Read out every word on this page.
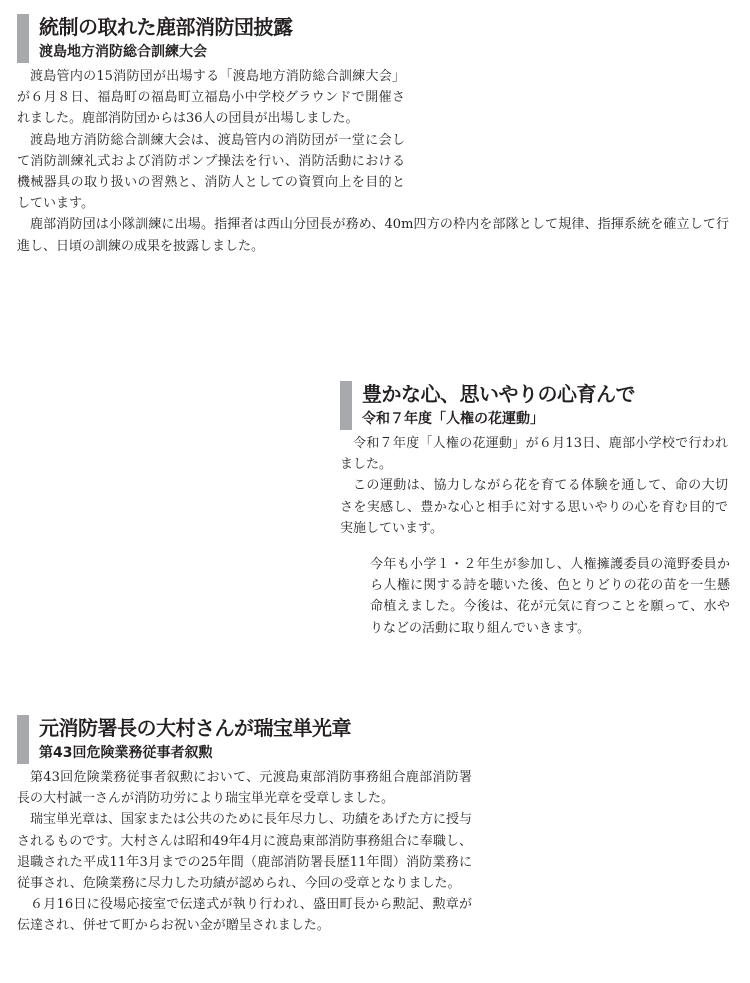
統制の取れた鹿部消防団披露
渡島地方消防総合訓練大会

渡島管内の15消防団が出場する「渡島地方消防総合訓練大会」が６月８日、福島町の福島町立福島小中学校グラウンドで開催されました。鹿部消防団からは36人の団員が出場しました。

渡島地方消防総合訓練大会は、渡島管内の消防団が一堂に会して消防訓練礼式および消防ポンプ操法を行い、消防活動における機械器具の取り扱いの習熟と、消防人としての資質向上を目的としています。

鹿部消防団は小隊訓練に出場。指揮者は西山分団長が務め、40m四方の枠内を部隊として規律、指揮系統を確立して行進し、日頃の訓練の成果を披露しました。

豊かな心、思いやりの心育んで
令和７年度「人権の花運動」

令和７年度「人権の花運動」が６月13日、鹿部小学校で行われました。

この運動は、協力しながら花を育てる体験を通して、命の大切さを実感し、豊かな心と相手に対する思いやりの心を育む目的で実施しています。

今年も小学１・２年生が参加し、人権擁護委員の滝野委員から人権に関する詩を聴いた後、色とりどりの花の苗を一生懸命植えました。今後は、花が元気に育つことを願って、水やりなどの活動に取り組んでいきます。

元消防署長の大村さんが瑞宝単光章
第43回危険業務従事者叙勲

第43回危険業務従事者叙勲において、元渡島東部消防事務組合鹿部消防署長の大村誠一さんが消防功労により瑞宝単光章を受章しました。

瑞宝単光章は、国家または公共のために長年尽力し、功績をあげた方に授与されるものです。大村さんは昭和49年4月に渡島東部消防事務組合に奉職し、退職された平成11年3月までの25年間（鹿部消防署長歴11年間）消防業務に従事され、危険業務に尽力した功績が認められ、今回の受章となりました。

６月16日に役場応接室で伝達式が執り行われ、盛田町長から勲記、勲章が伝達され、併せて町からお祝い金が贈呈されました。
